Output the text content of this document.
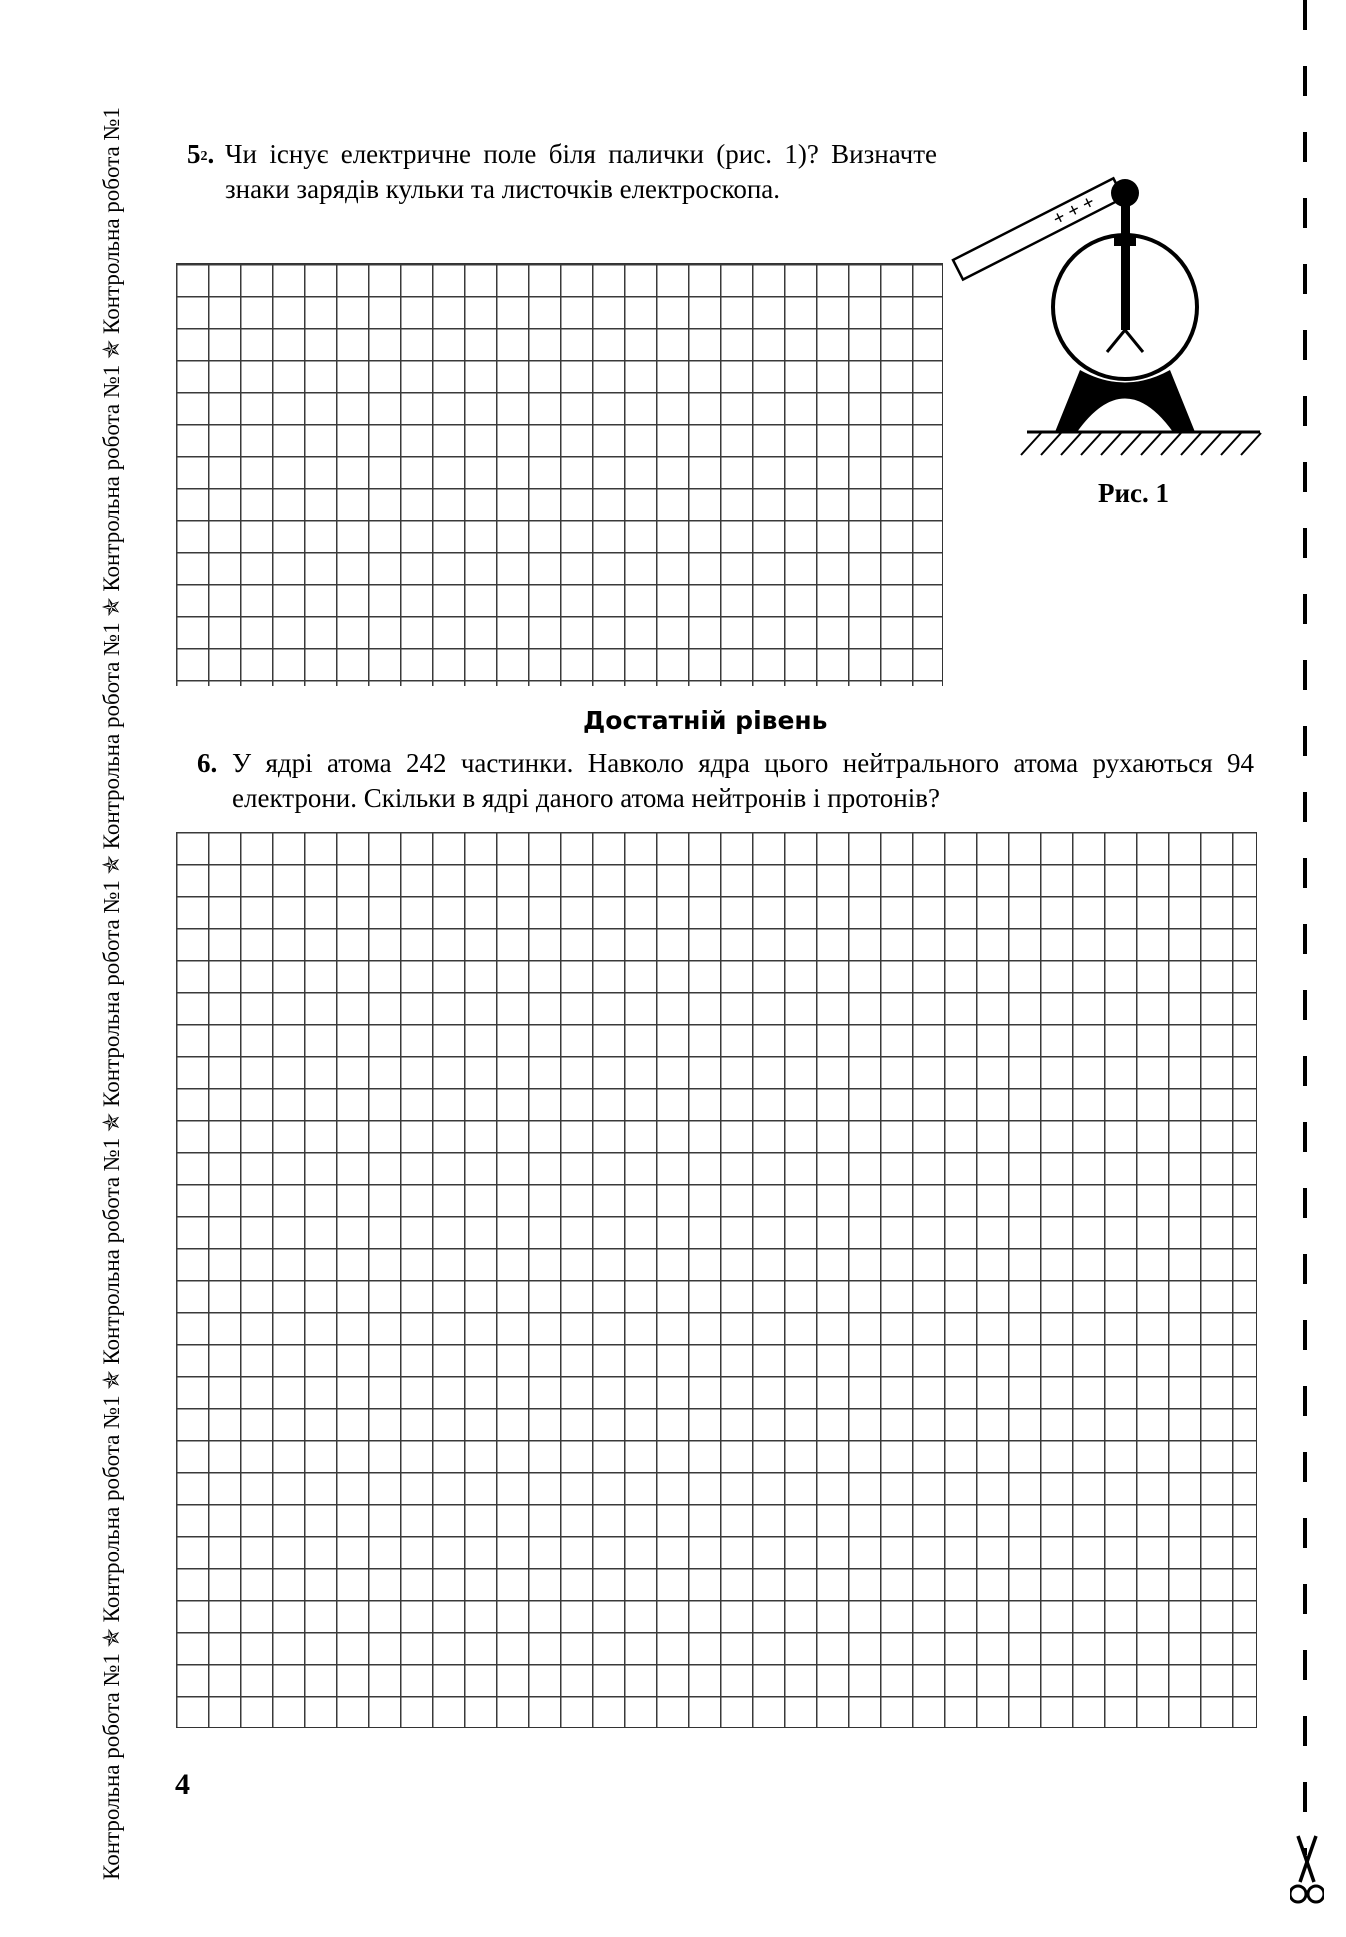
Контрольна робота №1 ✯ Контрольна робота №1 ✯ Контрольна робота №1 ✯ Контрольна робота №1 ✯ Контрольна робота №1 ✯ Контрольна робота №1 ✯ Контрольна робота №1 $5^2$. Чи існує електричне поле біля палички (рис. 1)? Визначте знаки зарядів кульки та листочків електроскопа.
+ + +
Рис. 1
Достатній рівень
6. У ядрі атома 242 частинки. Навколо ядра цього нейтрального атома рухаються 94 електрони. Скільки в ядрі даного атома нейтронів і протонів?
4
